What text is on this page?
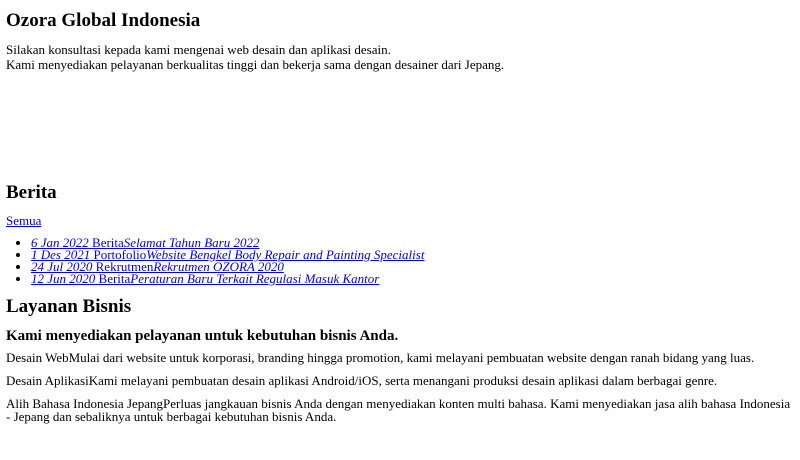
Ozora Global Indonesia

Silakan konsultasi kepada kami mengenai web desain dan aplikasi desain.

Kami menyediakan pelayanan berkualitas tinggi dan bekerja sama dengan desainer dari Jepang.

Berita

Semua

• 6 Jan 2022 BeritaSelamat Tahun Baru 2022
• 1 Des 2021 PortofolioWebsite Bengkel Body Repair and Painting Specialist
• 24 Jul 2020 RekrutmenRekrutmen OZORA 2020
• 12 Jun 2020 BeritaPeraturan Baru Terkait Regulasi Masuk Kantor
Layanan Bisnis
Kami menyediakan pelayanan untuk kebutuhan bisnis Anda.

Desain WebMulai dari website untuk korporasi, branding hingga promotion, kami melayani pembuatan website dengan ranah bidang yang luas.

Desain AplikasiKami melayani pembuatan desain aplikasi Android/iOS, serta menangani produksi desain aplikasi dalam berbagai genre.

Alih Bahasa Indonesia JepangPerluas jangkauan bisnis Anda dengan menyediakan konten multi bahasa. Kami menyediakan jasa alih bahasa Indonesia - Jepang dan sebaliknya untuk berbagai kebutuhan bisnis Anda.
